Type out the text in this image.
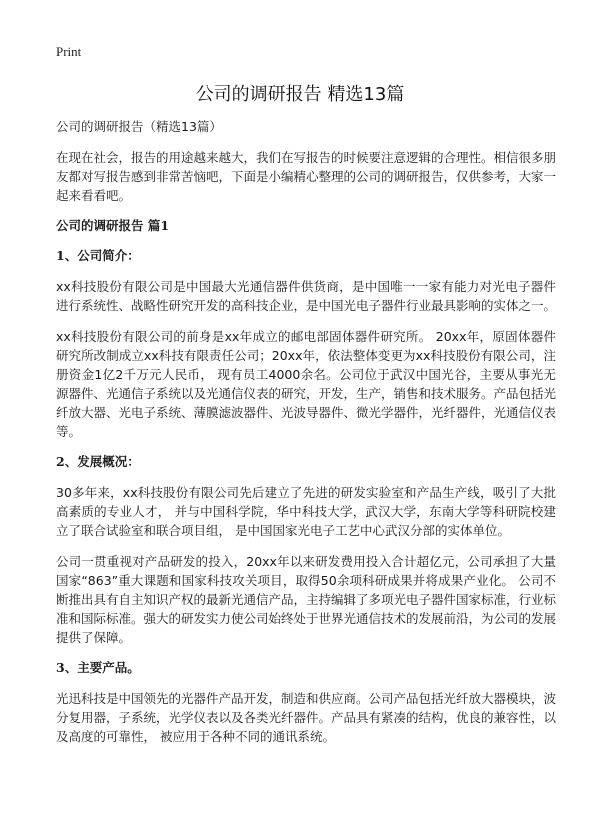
Print
公司的调研报告 精选13篇
公司的调研报告（精选13篇）

在现在社会，报告的用途越来越大，我们在写报告的时候要注意逻辑的合理性。相信很多朋友都对写报告感到非常苦恼吧，下面是小编精心整理的公司的调研报告，仅供参考，大家一起来看看吧。

公司的调研报告 篇1
1、公司简介：

xx科技股份有限公司是中国最大光通信器件供货商，是中国唯一一家有能力对光电子器件进行系统性、战略性研究开发的高科技企业，是中国光电子器件行业最具影响的实体之一。

xx科技股份有限公司的前身是xx年成立的邮电部固体器件研究所。 20xx年，原固体器件研究所改制成立xx科技有限责任公司；20xx年，依法整体变更为xx科技股份有限公司，注册资金1亿2千万元人民币， 现有员工4000余名。公司位于武汉中国光谷，主要从事光无源器件、光通信子系统以及光通信仪表的研究，开发，生产，销售和技术服务。产品包括光纤放大器、光电子系统、薄膜滤波器件、光波导器件、微光学器件，光纤器件，光通信仪表等。

2、发展概况：

30多年来，xx科技股份有限公司先后建立了先进的研发实验室和产品生产线，吸引了大批高素质的专业人才， 并与中国科学院，华中科技大学，武汉大学，东南大学等科研院校建立了联合试验室和联合项目组， 是中国国家光电子工艺中心武汉分部的实体单位。

公司一贯重视对产品研发的投入，20xx年以来研发费用投入合计超亿元，公司承担了大量国家“863”重大课题和国家科技攻关项目，取得50余项科研成果并将成果产业化。 公司不断推出具有自主知识产权的最新光通信产品，主持编辑了多项光电子器件国家标准，行业标准和国际标准。强大的研发实力使公司始终处于世界光通信技术的发展前沿，为公司的发展提供了保障。

3、主要产品。

光迅科技是中国领先的光器件产品开发，制造和供应商。公司产品包括光纤放大器模块，波分复用器，子系统，光学仪表以及各类光纤器件。产品具有紧凑的结构，优良的兼容性，以及高度的可靠性， 被应用于各种不同的通讯系统。
